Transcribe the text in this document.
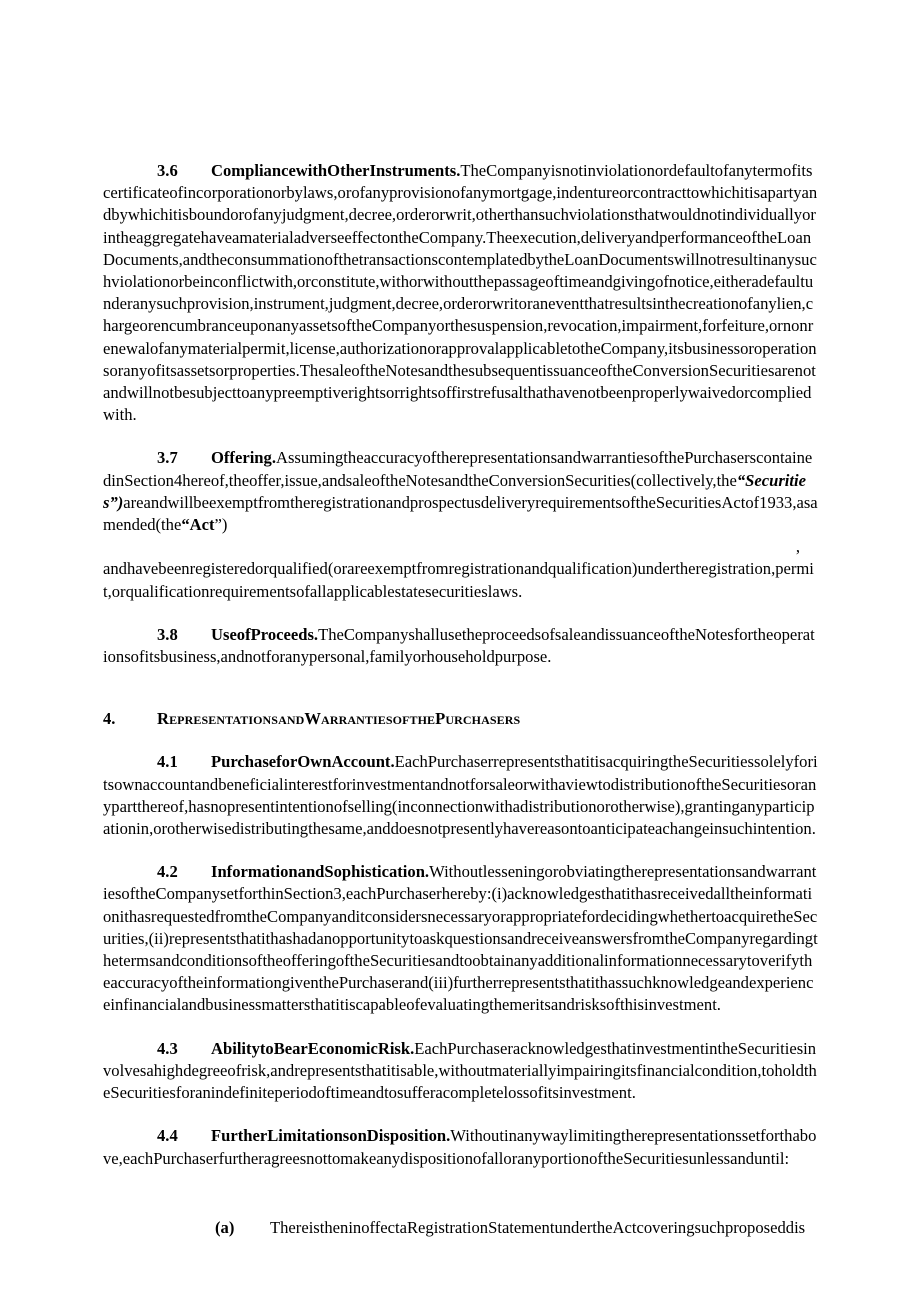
3.6 CompliancewithOtherInstruments.TheCompanyisnotinviolationordefaultofanytermofitscertificateofincorporationorbylaws,orofanyprovisionofanymortgage,indentureorcontracttowhichitisapartyandbywhichitisboundorofanyjudgment,decree,orderorwrit,otherthansuchviolationsthatwouldnotindividuallyorintheaggregatehaveamaterialadverseeffectontheCompany.Theexecution,deliveryandperformanceoftheLoanDocuments,andtheconsummationofthetransactionscontemplatedbytheLoanDocumentswillnotresultinanysuchviolationorbeinconflictwith,orconstitute,withorwithoutthepassageoftimeandgivingofnotice,eitheradefaultunderanysuchprovision,instrument,judgment,decree,orderorwritoraneventthatresultsinthecreationofanylien,chargeorencumbranceuponanyassetsoftheCompanyorthesuspension,revocation,impairment,forfeiture,ornonrenewalofanymaterialpermit,license,authorizationorapprovalapplicabletotheCompany,itsbusinessoroperationsoranyofitsassetsorproperties.ThesaleoftheNotesandthesubsequentissuanceoftheConversionSecuritiesarenotandwillnotbesubjecttoanypreemptiverightsorrightsoffirstrefusalthathavenotbeenproperlywaivedorcompliedwith.

3.7 Offering.AssumingtheaccuracyoftherepresentationsandwarrantiesofthePurchaserscontainedinSection4hereof,theoffer,issue,andsaleoftheNotesandtheConversionSecurities(collectively,the“Securities”)areandwillbeexemptfromtheregistrationandprospectusdeliveryrequirementsoftheSecuritiesActof1933,asamended(the“Act”)
,
andhavebeenregisteredorqualified(orareexemptfromregistrationandqualification)undertheregistration,permit,orqualificationrequirementsofallapplicablestatesecuritieslaws.

3.8 UseofProceeds.TheCompanyshallusetheproceedsofsaleandissuanceoftheNotesfortheoperationsofitsbusiness,andnotforanypersonal,familyorhouseholdpurpose.

4.	RepresentationsandWarrantiesofthePurchasers

4.1 PurchaseforOwnAccount.EachPurchaserrepresentsthatitisacquiringtheSecuritiessolelyforitsownaccountandbeneficialinterestforinvestmentandnotforsaleorwithaviewtodistributionoftheSecuritiesoranypartthereof,hasnopresentintentionofselling(inconnectionwithadistributionorotherwise),grantinganyparticipationin,orotherwisedistributingthesame,anddoesnotpresentlyhavereasontoanticipateachangeinsuchintention.

4.2 InformationandSophistication.WithoutlesseningorobviatingtherepresentationsandwarrantiesoftheCompanysetforthinSection3,eachPurchaserhereby:(i)acknowledgesthatithasreceivedalltheinformationithasrequestedfromtheCompanyanditconsidersnecessaryorappropriatefordecidingwhethertoacquiretheSecurities,(ii)representsthatithashadanopportunitytoaskquestionsandreceiveanswersfromtheCompanyregardingthetermsandconditionsoftheofferingoftheSecuritiesandtoobtainanyadditionalinformationnecessarytoverifytheaccuracyoftheinformationgiventhePurchaserand(iii)furtherrepresentsthatithassuchknowledgeandexperienceinfinancialandbusinessmattersthatitiscapableofevaluatingthemeritsandrisksofthisinvestment.

4.3 AbilitytoBearEconomicRisk.EachPurchaseracknowledgesthatinvestmentintheSecuritiesinvolvesahighdegreeofrisk,andrepresentsthatitisable,withoutmateriallyimpairingitsfinancialcondition,toholdtheSecuritiesforanindefiniteperiodoftimeandtosufferacompletelossofitsinvestment.

4.4 FurtherLimitationsonDisposition.Withoutinanywaylimitingtherepresentationssetforthabove,eachPurchaserfurtheragreesnottomakeanydispositionofalloranyportionoftheSecuritiesunlessanduntil:

(a) ThereistheninoffectaRegistrationStatementundertheActcoveringsuchproposeddis
